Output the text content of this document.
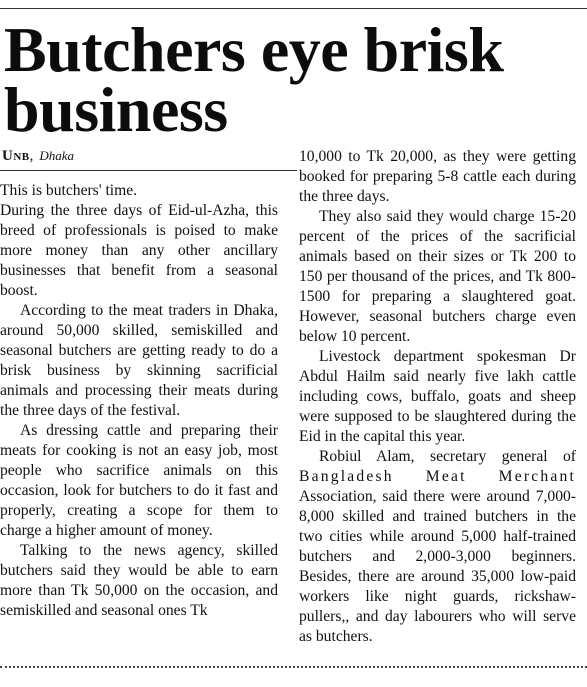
Butchers eye brisk business
Unb, Dhaka

This is butchers' time.

During the three days of Eid-ul-Azha, this breed of professionals is poised to make more money than any other ancillary businesses that benefit from a seasonal boost.

According to the meat traders in Dhaka, around 50,000 skilled, semiskilled and seasonal butchers are getting ready to do a brisk business by skinning sacrificial animals and processing their meats during the three days of the festival.

As dressing cattle and preparing their meats for cooking is not an easy job, most people who sacrifice animals on this occasion, look for butchers to do it fast and properly, creating a scope for them to charge a higher amount of money.

Talking to the news agency, skilled butchers said they would be able to earn more than Tk 50,000 on the occasion, and semiskilled and seasonal ones Tk

10,000 to Tk 20,000, as they were getting booked for preparing 5-8 cattle each during the three days.

They also said they would charge 15-20 percent of the prices of the sacrificial animals based on their sizes or Tk 200 to 150 per thousand of the prices, and Tk 800-1500 for preparing a slaughtered goat. However, seasonal butchers charge even below 10 percent.

Livestock department spokesman Dr Abdul Hailm said nearly five lakh cattle including cows, buffalo, goats and sheep were supposed to be slaughtered during the Eid in the capital this year.

Robiul Alam, secretary general of Bangladesh Meat Merchant Association, said there were around 7,000-8,000 skilled and trained butchers in the two cities while around 5,000 half-trained butchers and 2,000-3,000 beginners. Besides, there are around 35,000 low-paid workers like night guards, rickshaw-pullers,, and day labourers who will serve as butchers.
